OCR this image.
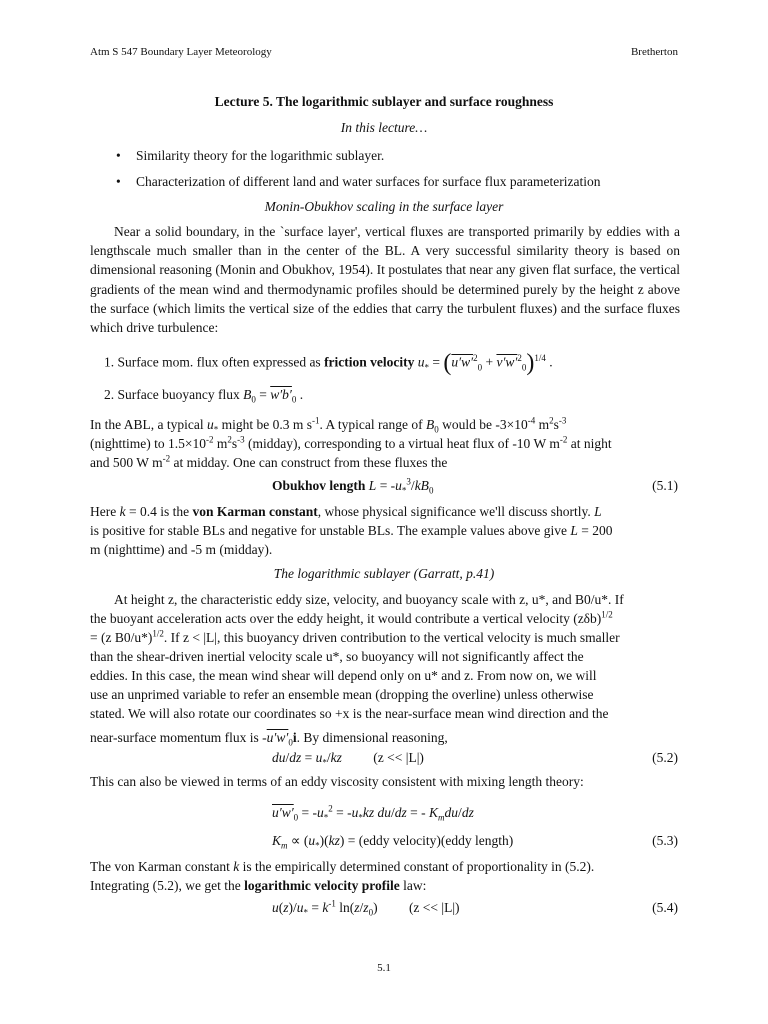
Atm S 547 Boundary Layer Meteorology	Bretherton
Lecture 5. The logarithmic sublayer and surface roughness
In this lecture…
• Similarity theory for the logarithmic sublayer.
• Characterization of different land and water surfaces for surface flux parameterization
Monin-Obukhov scaling in the surface layer
Near a solid boundary, in the `surface layer', vertical fluxes are transported primarily by eddies with a lengthscale much smaller than in the center of the BL. A very successful similarity theory is based on dimensional reasoning (Monin and Obukhov, 1954). It postulates that near any given flat surface, the vertical gradients of the mean wind and thermodynamic profiles should be determined purely by the height z above the surface (which limits the vertical size of the eddies that carry the turbulent fluxes) and the surface fluxes which drive turbulence:
1. Surface mom. flux often expressed as friction velocity $u_* = (u'w'^2_0 + v'w'^2_0)^{1/4}$ .
2. Surface buoyancy flux $B_0 = w'b'_0$ .
In the ABL, a typical $u_*$ might be 0.3 m $s^{-1}$. A typical range of $B_0$ would be $-3\times 10^{-4}$ $m^2s^{-3}$
(nighttime) to $1.5\times 10^{-2}$ $m^2s^{-3}$ (midday), corresponding to a virtual heat flux of -10 W $m^{-2}$ at night
and 500 W $m^{-2}$ at midday. One can construct from these fluxes the
Obukhov length $L = -u_*^3/kB_0$	(5.1)
Here k = 0.4 is the von Karman constant, whose physical significance we'll discuss shortly. L
is positive for stable BLs and negative for unstable BLs. The example values above give L = 200
m (nighttime) and -5 m (midday).
The logarithmic sublayer (Garratt, p.41)
At height z, the characteristic eddy size, velocity, and buoyancy scale with z, u*, and B0/u*. If
the buoyant acceleration acts over the eddy height, it would contribute a vertical velocity $(z\delta b)^{1/2}$
= (z B0/u*)$^{1/2}$. If z < |L|, this buoyancy driven contribution to the vertical velocity is much smaller
than the shear-driven inertial velocity scale u*, so buoyancy will not significantly affect the
eddies. In this case, the mean wind shear will depend only on u* and z. From now on, we will
use an unprimed variable to refer an ensemble mean (dropping the overline) unless otherwise
stated. We will also rotate our coordinates so +x is the near-surface mean wind direction and the
near-surface momentum flux is $-u'w'_0i$. By dimensional reasoning,
$du/dz = u_*/kz$ (z << |L|)	(5.2)
This can also be viewed in terms of an eddy viscosity consistent with mixing length theory:
$u'w'_0 = -u_*^2 = -u_*kz$ du/dz = - $K_mdu/dz$
$K_m \propto (u_*)(kz)$ = (eddy velocity)(eddy length)	(5.3)
The von Karman constant k is the empirically determined constant of proportionality in (5.2).
Integrating (5.2), we get the logarithmic velocity profile law:
$u(z)/u_* = k^{-1}$ $\ln(z/z_0) (z << |L|)$	(5.4)
5.1
